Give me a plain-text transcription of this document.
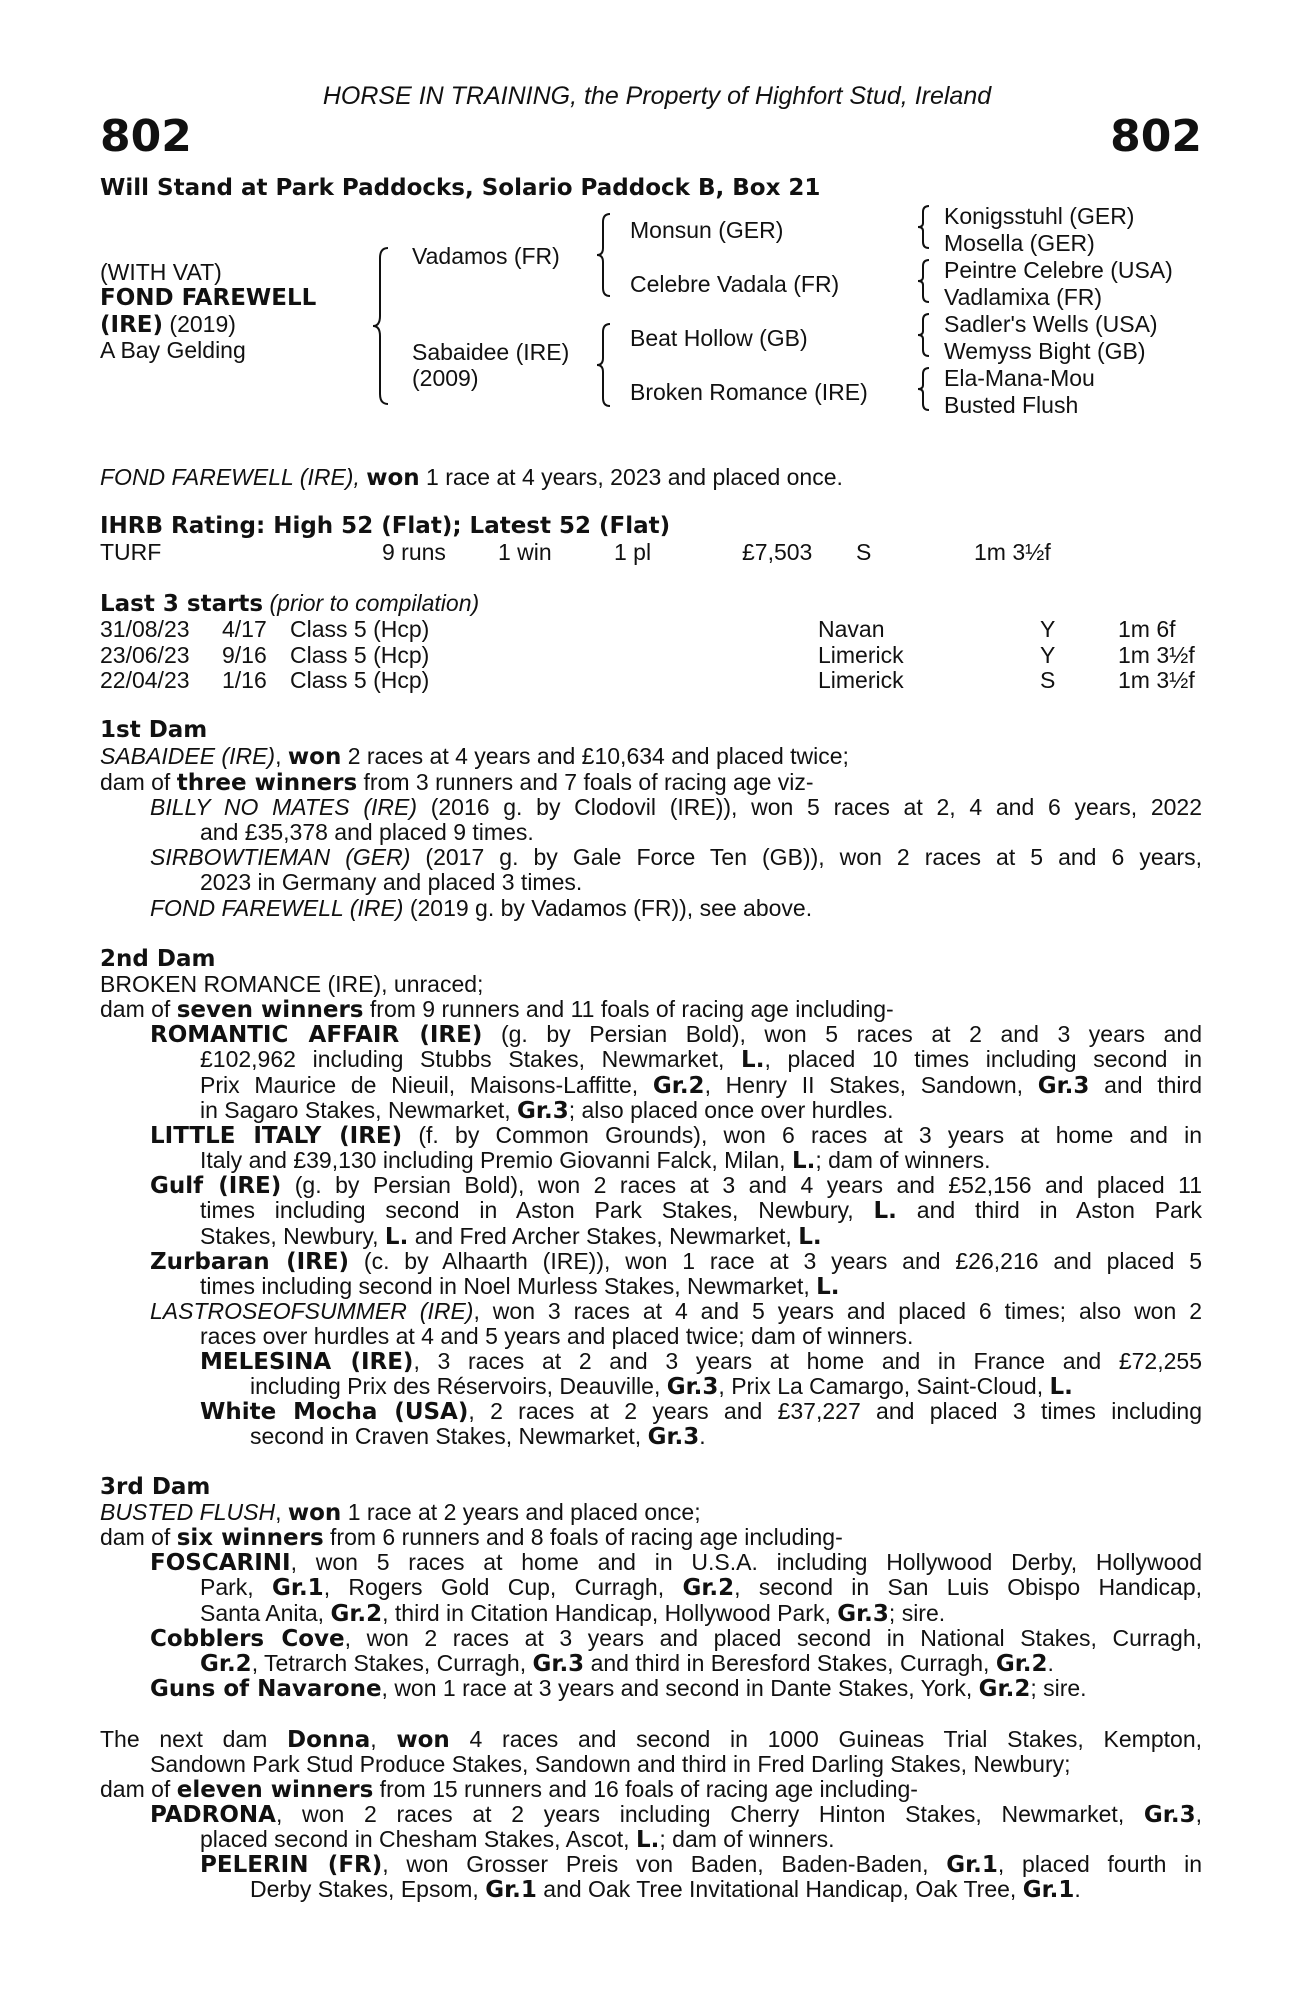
HORSE IN TRAINING, the Property of Highfort Stud, Ireland
802	802
Will Stand at Park Paddocks, Solario Paddock B, Box 21
(WITH VAT)
FOND FAREWELL
(IRE) (2019)
A Bay Gelding
Vadamos (FR)
Sabaidee (IRE)
(2009)
Monsun (GER)
Celebre Vadala (FR)
Beat Hollow (GB)
Broken Romance (IRE)
Konigsstuhl (GER)
Mosella (GER)
Peintre Celebre (USA)
Vadlamixa (FR)
Sadler's Wells (USA)
Wemyss Bight (GB)
Ela-Mana-Mou
Busted Flush
FOND FAREWELL (IRE), won 1 race at 4 years, 2023 and placed once.
IHRB Rating: High 52 (Flat); Latest 52 (Flat)
TURF	9 runs 1 win	1 pl	£7,503 S	1m 3½f
Last 3 starts (prior to compilation)
31/08/23 4/17 Class 5 (Hcp)	Navan	Y	1m 6f
23/06/23 9/16 Class 5 (Hcp)	Limerick	Y	1m 3½f
22/04/23 1/16 Class 5 (Hcp)	Limerick	S	1m 3½f
1st Dam
SABAIDEE (IRE), won 2 races at 4 years and £10,634 and placed twice;
dam of three winners from 3 runners and 7 foals of racing age viz-
BILLY NO MATES (IRE) (2016 g. by Clodovil (IRE)), won 5 races at 2, 4 and 6 years, 2022
and £35,378 and placed 9 times.
SIRBOWTIEMAN (GER) (2017 g. by Gale Force Ten (GB)), won 2 races at 5 and 6 years,
2023 in Germany and placed 3 times.
FOND FAREWELL (IRE) (2019 g. by Vadamos (FR)), see above.
2nd Dam
BROKEN ROMANCE (IRE), unraced;
dam of seven winners from 9 runners and 11 foals of racing age including-
ROMANTIC AFFAIR (IRE) (g. by Persian Bold), won 5 races at 2 and 3 years and
£102,962 including Stubbs Stakes, Newmarket, L., placed 10 times including second in
Prix Maurice de Nieuil, Maisons-Laffitte, Gr.2, Henry II Stakes, Sandown, Gr.3 and third
in Sagaro Stakes, Newmarket, Gr.3; also placed once over hurdles.
LITTLE ITALY (IRE) (f. by Common Grounds), won 6 races at 3 years at home and in
Italy and £39,130 including Premio Giovanni Falck, Milan, L.; dam of winners.
Gulf (IRE) (g. by Persian Bold), won 2 races at 3 and 4 years and £52,156 and placed 11
times including second in Aston Park Stakes, Newbury, L. and third in Aston Park
Stakes, Newbury, L. and Fred Archer Stakes, Newmarket, L.
Zurbaran (IRE) (c. by Alhaarth (IRE)), won 1 race at 3 years and £26,216 and placed 5
times including second in Noel Murless Stakes, Newmarket, L.
LASTROSEOFSUMMER (IRE), won 3 races at 4 and 5 years and placed 6 times; also won 2
races over hurdles at 4 and 5 years and placed twice; dam of winners.
MELESINA (IRE), 3 races at 2 and 3 years at home and in France and £72,255
including Prix des Réservoirs, Deauville, Gr.3, Prix La Camargo, Saint-Cloud, L.
White Mocha (USA), 2 races at 2 years and £37,227 and placed 3 times including
second in Craven Stakes, Newmarket, Gr.3.
3rd Dam
BUSTED FLUSH, won 1 race at 2 years and placed once;
dam of six winners from 6 runners and 8 foals of racing age including-
FOSCARINI, won 5 races at home and in U.S.A. including Hollywood Derby, Hollywood
Park, Gr.1, Rogers Gold Cup, Curragh, Gr.2, second in San Luis Obispo Handicap,
Santa Anita, Gr.2, third in Citation Handicap, Hollywood Park, Gr.3; sire.
Cobblers Cove, won 2 races at 3 years and placed second in National Stakes, Curragh,
Gr.2, Tetrarch Stakes, Curragh, Gr.3 and third in Beresford Stakes, Curragh, Gr.2.
Guns of Navarone, won 1 race at 3 years and second in Dante Stakes, York, Gr.2; sire.
The next dam Donna, won 4 races and second in 1000 Guineas Trial Stakes, Kempton,
Sandown Park Stud Produce Stakes, Sandown and third in Fred Darling Stakes, Newbury;
dam of eleven winners from 15 runners and 16 foals of racing age including-
PADRONA, won 2 races at 2 years including Cherry Hinton Stakes, Newmarket, Gr.3,
placed second in Chesham Stakes, Ascot, L.; dam of winners.
PELERIN (FR), won Grosser Preis von Baden, Baden-Baden, Gr.1, placed fourth in
Derby Stakes, Epsom, Gr.1 and Oak Tree Invitational Handicap, Oak Tree, Gr.1.
